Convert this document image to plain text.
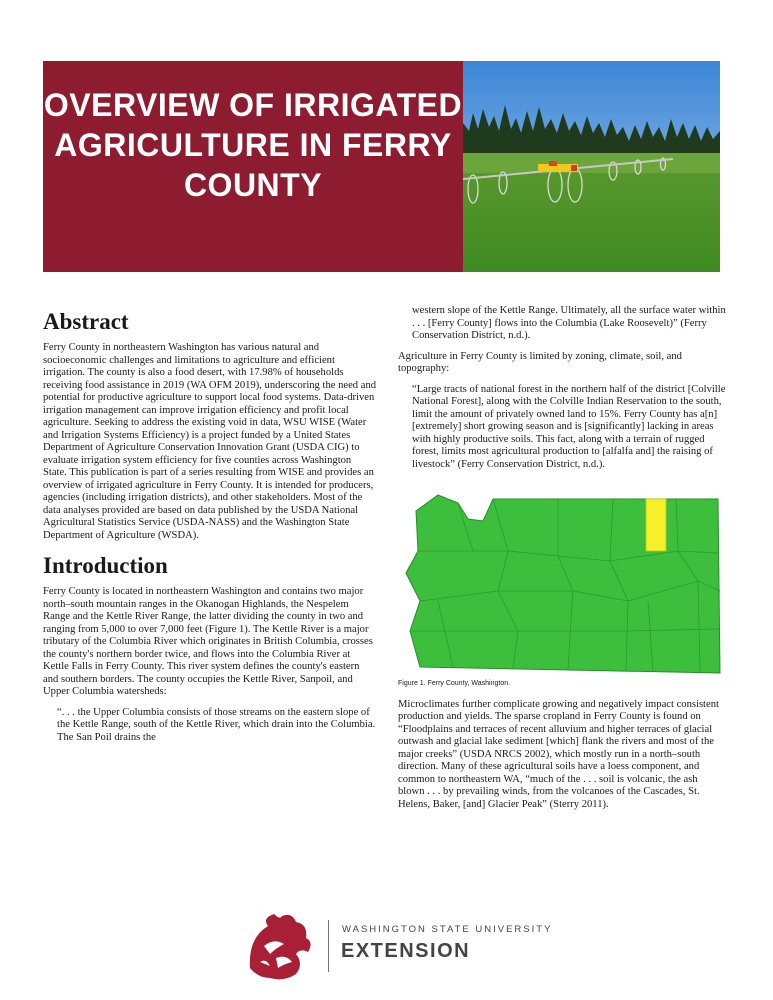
OVERVIEW OF IRRIGATED AGRICULTURE IN FERRY COUNTY
Abstract

Ferry County in northeastern Washington has various natural and socioeconomic challenges and limitations to agriculture and efficient irrigation. The county is also a food desert, with 17.98% of households receiving food assistance in 2019 (WA OFM 2019), underscoring the need and potential for productive agriculture to support local food systems. Data-driven irrigation management can improve irrigation efficiency and profit local agriculture. Seeking to address the existing void in data, WSU WISE (Water and Irrigation Systems Efficiency) is a project funded by a United States Department of Agriculture Conservation Innovation Grant (USDA CIG) to evaluate irrigation system efficiency for five counties across Washington State. This publication is part of a series resulting from WISE and provides an overview of irrigated agriculture in Ferry County. It is intended for producers, agencies (including irrigation districts), and other stakeholders. Most of the data analyses provided are based on data published by the USDA National Agricultural Statistics Service (USDA-NASS) and the Washington State Department of Agriculture (WSDA).

Introduction

Ferry County is located in northeastern Washington and contains two major north–south mountain ranges in the Okanogan Highlands, the Nespelem Range and the Kettle River Range, the latter dividing the county in two and ranging from 5,000 to over 7,000 feet (Figure 1). The Kettle River is a major tributary of the Columbia River which originates in British Columbia, crosses the county's northern border twice, and flows into the Columbia River at Kettle Falls in Ferry County. This river system defines the county's eastern and southern borders. The county occupies the Kettle River, Sanpoil, and Upper Columbia watersheds:

“. . . the Upper Columbia consists of those streams on the eastern slope of the Kettle Range, south of the Kettle River, which drain into the Columbia. The San Poil drains the
western slope of the Kettle Range. Ultimately, all the surface water within . . . [Ferry County] flows into the Columbia (Lake Roosevelt)” (Ferry Conservation District, n.d.).

Agriculture in Ferry County is limited by zoning, climate, soil, and topography:

“Large tracts of national forest in the northern half of the district [Colville National Forest], along with the Colville Indian Reservation to the south, limit the amount of privately owned land to 15%. Ferry County has a[n] [extremely] short growing season and is [significantly] lacking in areas with highly productive soils. This fact, along with a terrain of rugged forest, limits most agricultural production to [alfalfa and] the raising of livestock” (Ferry Conservation District, n.d.).

Figure 1. Ferry County, Washington.

Microclimates further complicate growing and negatively impact consistent production and yields. The sparse cropland in Ferry County is found on “Floodplains and terraces of recent alluvium and higher terraces of glacial outwash and glacial lake sediment [which] flank the rivers and most of the major creeks” (USDA NRCS 2002), which mostly run in a north–south direction. Many of these agricultural soils have a loess component, and common to northeastern WA, “much of the . . . soil is volcanic, the ash blown . . . by prevailing winds, from the volcanoes of the Cascades, St. Helens, Baker, [and] Glacier Peak” (Sterry 2011).

WASHINGTON STATE UNIVERSITY
EXTENSION
